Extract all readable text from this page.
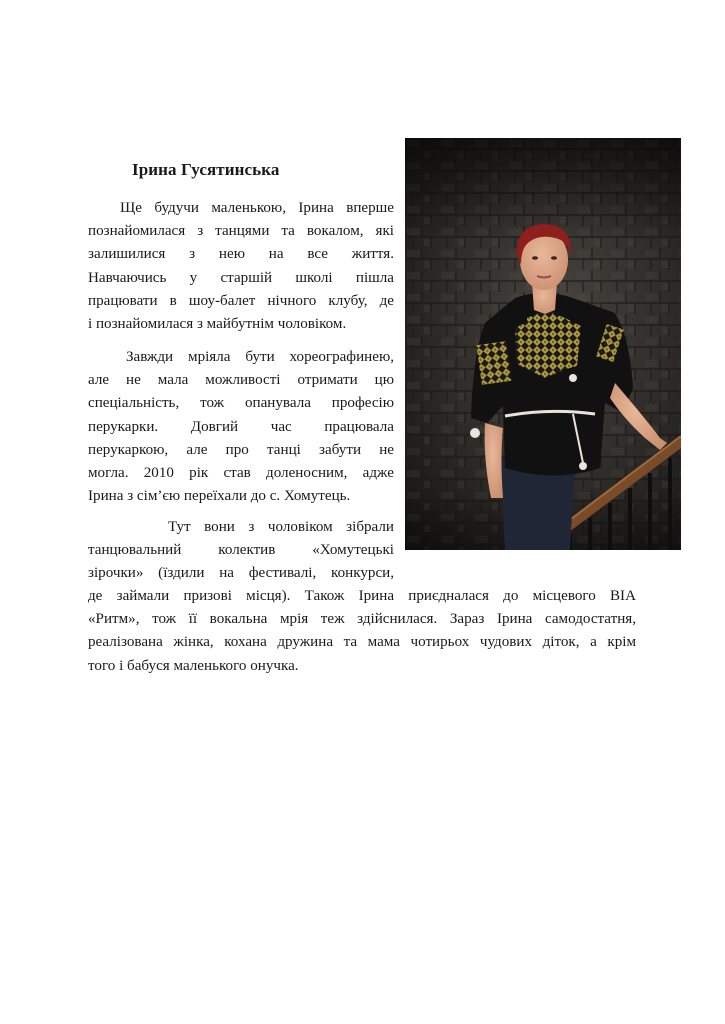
Ірина Гусятинська
Ще будучи маленькою, Ірина вперше
познайомилася з танцями та вокалом, які
залишилися з нею на все життя.
Навчаючись у старшій школі пішла
працювати в шоу-балет нічного клубу, де
і познайомилася з майбутнім чоловіком.
Завжди мріяла бути хореографинею,
але не мала можливості отримати цю
спеціальність, тож опанувала професію
перукарки. Довгий час працювала
перукаркою, але про танці забути не
могла. 2010 рік став доленосним, адже
Ірина з сім’єю переїхали до с. Хомутець.
Тут вони з чоловіком зібрали
танцювальний колектив «Хомутецькі
зірочки» (їздили на фестивалі, конкурси,
де займали призові місця). Також Ірина приєдналася до місцевого ВІА
«Ритм», тож її вокальна мрія теж здійснилася. Зараз Ірина самодостатня,
реалізована жінка, кохана дружина та мама чотирьох чудових діток, а крім
того і бабуся маленького онучка.
